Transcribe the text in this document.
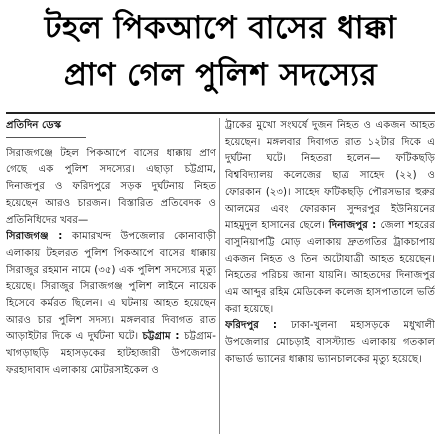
টহল পিকআপে বাসের ধাক্কা
প্রাণ গেল পুলিশ সদস্যের
প্রতিদিন ডেস্ক

সিরাজগঞ্জে টহল পিকআপে বাসের ধাক্কায় প্রাণ গেছে এক পুলিশ সদস্যের। এছাড়া চট্টগ্রাম, দিনাজপুর ও ফরিদপুরে সড়ক দুর্ঘটনায় নিহত হয়েছেন আরও চারজন। বিস্তারিত প্রতিবেদক ও প্রতিনিধিদের খবর—

সিরাজগঞ্জ : কামারখন্দ উপজেলার কোনাবাড়ী এলাকায় টহলরত পুলিশ পিকআপে বাসের ধাক্কায় সিরাজুর রহমান নামে (৩৫) এক পুলিশ সদস্যের মৃত্যু হয়েছে। সিরাজুর সিরাজগঞ্জ পুলিশ লাইনে নায়েক হিসেবে কর্মরত ছিলেন। এ ঘটনায় আহত হয়েছেন আরও চার পুলিশ সদস্য। মঙ্গলবার দিবাগত রাত আড়াইটার দিকে এ দুর্ঘটনা ঘটে। চট্টগ্রাম : চট্টগ্রাম-খাগড়াছড়ি মহাসড়কের হাটহাজারী উপজেলার ফরহাদাবাদ এলাকায় মোটরসাইকেল ও

ট্রাকের মুখো সংঘর্ষে দুজন নিহত ও একজন আহত হয়েছেন। মঙ্গলবার দিবাগত রাত ১২টার দিকে এ দুর্ঘটনা ঘটে। নিহতরা হলেন— ফটিকছড়ি বিশ্ববিদ্যালয় কলেজের ছাত্র সাহেদ (২২) ও ফোরকান (২৩)। সাহেদ ফটিকছড়ি পৌরসভার হুরুর আলমের এবং ফোরকান সুন্দরপুর ইউনিয়নের মাহমুদুল হাসানের ছেলে। দিনাজপুর : জেলা শহরের বাসুনিয়াপট্টি মোড় এলাকায় দ্রুতগতির ট্রাকচাপায় একজন নিহত ও তিন অটোযাত্রী আহত হয়েছেন। নিহতের পরিচয় জানা যায়নি। আহতদের দিনাজপুর এম আব্দুর রহিম মেডিকেল কলেজ হাসপাতালে ভর্তি করা হয়েছে।

ফরিদপুর : ঢাকা-খুলনা মহাসড়কে মধুখালী উপজেলার মোচড়াই বাসস্ট্যান্ড এলাকায় গতকাল কাভার্ড ভ্যানের ধাক্কায় ভ্যানচালকের মৃত্যু হয়েছে।
